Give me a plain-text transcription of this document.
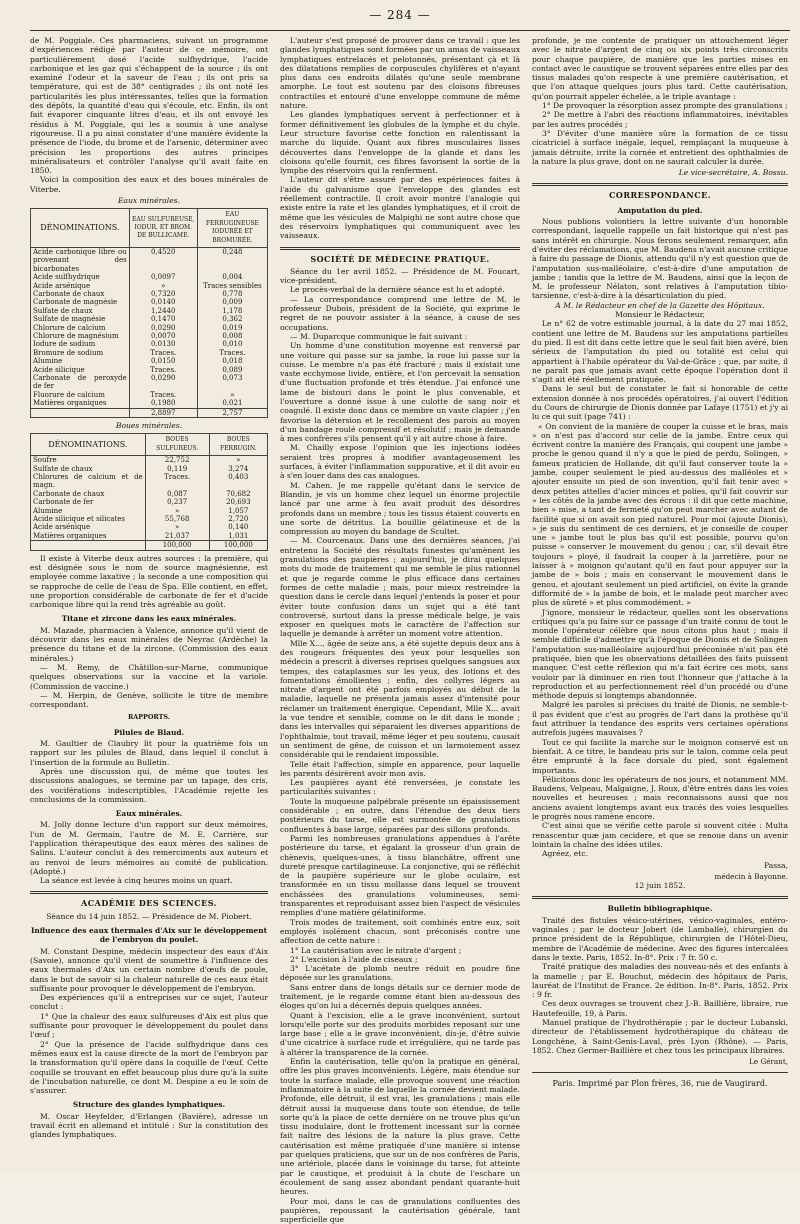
— 284 —

de M. Poggiale. Ces pharmaciens, suivant un programme d'expériences rédigé par l'auteur de ce mémoire, ont particulièrement dosé l'acide sulfhydrique, l'acide carbonique et les gaz qui s'échappent de la source ; ils ont examiné l'odeur et la saveur de l'eau ; ils ont pris sa température, qui est de 38° centigrades ; ils ont noté les particularités les plus intéressantes, telles que la formation des dépôts, la quantité d'eau qui s'écoule, etc. Enfin, ils ont fait évaporer cinquante litres d'eau, et ils ont envoyé les résidus à M. Poggiale, qui les a soumis à une analyse rigoureuse. Il a pu ainsi constater d'une manière évidente la présence de l'iode, du brome et de l'arsenic, déterminer avec précision les proportions des autres principes minéralisateurs et contrôler l'analyse qu'il avait faite en 1850.

Voici la composition des eaux et des boues minérales de Viterbe.

Eaux minérales.
DÉNOMINATIONS.	EAU SULFUREUSE, IODUR. ET BROM. DE BULLICAME.	EAU FERRUGINEUSE IODURÉE ET BROMURÉE.
Acide carbonique libre ou provenant des bicarbonates	0,4520	0,248
Acide sulfhydrique	0,0097	0,004
Acide arsénique	»	Traces sensibles
Carbonate de chaux	0,7320	0,778
Carbonate de magnésie	0,0140	0,009
Sulfate de chaux	1,2440	1,178
Sulfate de magnésie	0,1470	0,362
Chlorure de calcium	0,0290	0,019
Chlorure de magnésium	0,0070	0,008
Iodure de sodium	0,0130	0,010
Bromure de sodium	Traces.	Traces.
Alumine	0,0150	0,018
Acide silicique	Traces.	0,089
Carbonate de peroxyde de fer	0,0290	0,073
Fluorure de calcium	Traces.	»
Matières organiques	0,1980	0,021
	2,8897	2,757
Boues minérales.
DÉNOMINATIONS.	BOUES SULFUREUS.	BOUES FERRUGIN.
Soufre	22,752	»
Sulfate de chaux	0,119	3,274
Chlorures de calcium et de magn.	Traces.	0,403
Carbonate de chaux	0,087	70,682
Carbonate de fer	0,237	20,693
Alumine	»	1,057
Acide silicique et silicates	55,768	2,720
Acide arsénique	»	0,140
Matières organiques	21,037	1,031
	100,000	100,000

Il existe à Viterbe deux autres sources : la première, qui est désignée sous le nom de source magnésienne, est employée comme laxative ; la seconde a une composition qui se rapproche de celle de l'eau de Spa. Elle contient, en effet, une proportion considérable de carbonate de fer et d'acide carbonique libre qui la rend très agréable au goût.

Titane et zircone dans les eaux minérales.

M. Mazade, pharmacien à Valence, annonce qu'il vient de découvrir dans les eaux minérales de Neyrac (Ardèche) la présence du titane et de la zircone. (Commission des eaux minérales.)

— M. Remy, de Châtillon-sur-Marne, communique quelques observations sur la vaccine et la variole. (Commission de vaccine.)

— M. Herpin, de Genève, sollicite le titre de membre correspondant.

RAPPORTS.
Pilules de Blaud.

M. Gaultier de Claubry lit pour la quatrième fois un rapport sur les pilules de Blaud, dans lequel il conclut à l'insertion de la formule au Bulletin.

Après une discussion qui, de même que toutes les discussions analogues, se termine par un tapage, des cris, des vociférations indescriptibles, l'Académie rejette les conclusions de la commission.

Eaux minérales.

M. Jolly donne lecture d'un rapport sur deux mémoires, l'un de M. Germain, l'autre de M. E. Carrière, sur l'application thérapeutique des eaux mères des salines de Salins. L'auteur conclut à des remerciments aux auteurs et au renvoi de leurs mémoires au comité de publication. (Adopté.)

La séance est levée à cinq heures moins un quart.

ACADÉMIE DES SCIENCES.

Séance du 14 juin 1852. — Présidence de M. Piobert.

Influence des eaux thermales d'Aix sur le développement de l'embryon du poulet.

M. Constant Despine, médecin inspecteur des eaux d'Aix (Savoie), annonce qu'il vient de soumettre à l'influence des eaux thermales d'Aix un certain nombre d'œufs de poule, dans le but de savoir si la chaleur naturelle de ces eaux était suffisante pour provoquer le développement de l'embryon.

Des expériences qu'il a entreprises sur ce sujet, l'auteur conclut :

1° Que la chaleur des eaux sulfureuses d'Aix est plus que suffisante pour provoquer le développement du poulet dans l'œuf ;

2° Que la présence de l'acide sulfhydrique dans ces mêmes eaux est la cause directe de la mort de l'embryon par la transformation qu'il opère dans la coquille de l'œuf. Cette coquille se trouvant en effet beaucoup plus dure qu'à la suite de l'incubation naturelle, ce dont M. Despine a eu le soin de s'assurer.

Structure des glandes lymphatiques.

M. Oscar Heyfelder, d'Erlangen (Bavière), adresse un travail écrit en allemand et intitulé : Sur la constitution des glandes lymphatiques.

L'auteur s'est proposé de prouver dans ce travail : que les glandes lymphatiques sont formées par un amas de vaisseaux lymphatiques entrelacés et pelotonnés, présentant çà et là des dilatations remplies de corpuscules chylifères et n'ayant plus dans ces endroits dilatés qu'une seule membrane amorphe. Le tout est soutenu par des cloisons fibreuses contractiles et entouré d'une enveloppe commune de même nature.

Les glandes lymphatiques servent à perfectionner et à former définitivement les globules de la lymphe et du chyle. Leur structure favorise cette fonction en ralentissant la marche du liquide. Quant aux fibres musculaires lisses découvertes dans l'enveloppe de la glande et dans les cloisons qu'elle fournit, ces fibres favorisent la sortie de la lymphe des réservoirs qui la renferment.

L'auteur dit s'être assuré par des expériences faites à l'aide du galvanisme que l'enveloppe des glandes est réellement contractile. Il croit avoir montré l'analogie qui existe entre la rate et les glandes lymphatiques, et il croit de même que les vésicules de Malpighi ne sont autre chose que des réservoirs lymphatiques qui communiquent avec les vaisseaux.

SOCIÉTÉ DE MÉDECINE PRATIQUE.

Séance du 1er avril 1852. — Présidence de M. Foucart, vice-président.

Le procès-verbal de la dernière séance est lu et adopté.

— La correspondance comprend une lettre de M. le professeur Dubois, président de la Société, qui exprime le regret de ne pouvoir assister à la séance, à cause de ses occupations.

— M. Duparcque communique le fait suivant :

Un homme d'une constitution moyenne est renversé par une voiture qui passe sur sa jambe, la roue lui passe sur la cuisse. Le membre n'a pas été fracturé ; mais il existait une vaste ecchymose livide, entière, et l'on percevait la sensation d'une fluctuation profonde et très étendue. J'ai enfoncé une lame de bistouri dans le point le plus convenable, et l'ouverture a donné issue à une culotte de sang noir et coagulé. Il existe donc dans ce membre un vaste clapier ; j'en favorise la détersion et le recollement des parois au moyen d'un bandage roulé compressif et résolutif ; mais je demande à mes confrères s'ils pensent qu'il y ait autre chose à faire.

M. Chailly expose l'opinion que les injections iodées seraient très propres à modifier avantageusement les surfaces, à éviter l'inflammation suppurative, et il dit avoir eu à s'en louer dans des cas analogues.

M. Cahen. Je me rappelle qu'étant dans le service de Blandin, je vis un homme chez lequel un énorme projectile lancé par une arme à feu avait produit des désordres profonds dans un membre ; tous les tissus étaient couverts en une sorte de détritus. La bouillie gélatineuse et de la compression au moyen du bandage de Scultet.

— M. Courcenaux. Dans une des dernières séances, j'ai entretenu la Société des résultats funestes qu'amènent les granulations des paupières ; aujourd'hui, je dirai quelques mots du mode de traitement qui me semble le plus rationnel et que je regarde comme le plus efficace dans certaines formes de cette maladie ; mais, pour mieux restreindre la question dans le cercle dans lequel j'entends la poser et pour éviter toute confusion dans un sujet qui a été tant controversé, surtout dans la presse médicale belge, je vais exposer en quelques mots le caractère de l'affection sur laquelle je demande à arrêter un moment votre attention.

Mlle X..., âgée de seize ans, a été sujette depuis deux ans à des rougeurs fréquentes des yeux pour lesquelles son médecin a prescrit à diverses reprises quelques sangsues aux tempes, des cataplasmes sur les yeux, des lotions et des fomentations émollientes ; enfin, des collyres légers au nitrate d'argent ont été parfois employés au début de la maladie, laquelle ne présenta jamais assez d'intensité pour réclamer un traitement énergique. Cependant, Mlle X... avait la vue tendre et sensible, comme on le dit dans le monde ; dans les intervalles qui séparaient les diverses apparitions de l'ophthalmie, tout travail, même léger et peu soutenu, causait un sentiment de gêne, de cuisson et un larmoiement assez considérable qui le rendaient impossible.

Telle était l'affection, simple en apparence, pour laquelle les parents désirèrent avoir mon avis.

Les paupières ayant été renversées, je constate les particularités suivantes :

Toute la muqueuse palpébrale présente un épaississement considérable ; en outre, dans l'étendue des deux tiers postérieurs du tarse, elle est surmontée de granulations confluentes à base large, séparées par des sillons profonds.

Parmi les nombreuses granulations appendues à l'arête postérieure du tarse, et égalant la grosseur d'un grain de chènevis, quelques-unes, à tissu blanchâtre, offrent une dureté presque cartilagineuse. La conjonctive, qui se réfléchit de la paupière supérieure sur le globe oculaire, est transformée en un tissu mollasse dans lequel se trouvent enchâssées des granulations volumineuses, semi-transparentes et reproduisant assez bien l'aspect de vésicules remplies d'une matière gélatiniforme.

Trois modes de traitement, soit combinés entre eux, soit employés isolément chacun, sont préconisés contre une affection de cette nature :

1° La cautérisation avec le nitrate d'argent ;

2° L'excision à l'aide de ciseaux ;

3° L'acétate de plomb neutre réduit en poudre fine déposée sur les granulations.

Sans entrer dans de longs détails sur ce dernier mode de traitement, je le regarde comme étant bien au-dessous des éloges qu'on lui a décernés depuis quelques années.

Quant à l'excision, elle a le grave inconvénient, surtout lorsqu'elle porte sur des produits morbides reposant sur une large base ; elle a le grave inconvénient, dis-je, d'être suivie d'une cicatrice à surface rude et irrégulière, qui ne tarde pas à altérer la transparence de la cornée.

Enfin la cautérisation, telle qu'on la pratique en général, offre les plus graves inconvénients. Légère, mais étendue sur toute la surface malade, elle provoque souvent une réaction inflammatoire à la suite de laquelle la cornée devient malade. Profonde, elle détruit, il est vrai, les granulations ; mais elle détruit aussi la muqueuse dans toute son étendue, de telle sorte qu'à la place de cette dernière on ne trouve plus qu'un tissu inodulaire, dont le frottement incessant sur la cornée fait naître des lésions de la nature la plus grave. Cette cautérisation est même pratiquée d'une manière si intense par quelques praticiens, que sur un de nos confrères de Paris, une artériole, placée dans le voisinage du tarse, fut atteinte par le caustique, et produisit à la chute de l'eschare un écoulement de sang assez abondant pendant quarante-huit heures.

Pour moi, dans le cas de granulations confluentes des paupières, repoussant la cautérisation générale, tant superficielle que

profonde, je me contente de pratiquer un attouchement léger avec le nitrate d'argent de cinq ou six points très circonscrits pour chaque paupière, de manière que les parties mises en contact avec le caustique se trouvent séparées entre elles par des tissus malades qu'on respecte à une première cautérisation, et que l'on attaque quelques jours plus tard. Cette cautérisation, qu'on pourrait appeler échelée, a le triple avantage :

1° De provoquer la résorption assez prompte des granulations ;

2° De mettre à l'abri des réactions inflammatoires, inévitables par les autres procédés ;

3° D'éviter d'une manière sûre la formation de ce tissu cicatriciel à surface inégale, lequel, remplaçant la muqueuse à jamais détruite, irrite la cornée et entretient des ophthalmies de la nature la plus grave, dont on ne saurait calculer la durée.

Le vice-secrétaire, A. Bossu.
CORRESPONDANCE.
Amputation du pied.

Nous publions volontiers la lettre suivante d'un honorable correspondant, laquelle rappelle un fait historique qui n'est pas sans intérêt en chirurgie. Nous ferons seulement remarquer, afin d'éviter des réclamations, que M. Baudens n'avait aucune critique à faire du passage de Dionis, attendu qu'il n'y est question que de l'amputation sus-malléolaire, c'est-à-dire d'une amputation de jambe ; tandis que la lettre de M. Baudens, ainsi que la leçon de M. le professeur Nélaton, sont relatives à l'amputation tibio-tarsienne, c'est-à-dire à la désarticulation du pied.

A M. le Rédacteur en chef de la Gazette des Hôpitaux.

Monsieur le Rédacteur,

Le n° 62 de votre estimable journal, à la date du 27 mai 1852, contient une lettre de M. Baudens sur les amputations partielles du pied. Il est dit dans cette lettre que le seul fait bien avéré, bien sérieux de l'amputation du pied ou totalité est celui qui appartient à l'habile opérateur du Val-de-Grâce ; que, par suite, il ne paraît pas que jamais avant cette époque l'opération dont il s'agit ait été réellement pratiquée.

Dans le seul but de constater le fait si honorable de cette extension donnée à nos procédés opératoires, j'ai ouvert l'édition du Cours de chirurgie de Dionis donnée par Lafaye (1751) et j'y ai lu ce qui suit (page 741) :

« On convient de la manière de couper la cuisse et le bras, mais » on n'est pas d'accord sur celle de la jambe. Entre ceux qui écrivent contre la manière des Français, qui coupent une jambe » proche le genou quand il n'y a que le pied de perdu, Solingen, » fameux praticien de Hollande, dit qu'il faut conserver toute la » jambe, couper seulement le pied au-dessus des malléoles et » ajouter ensuite un pied de son invention, qu'il fait tenir avec » deux petites attelles d'acier minces et polies, qu'il fait couvrir sur » les côtés de la jambe avec des écrous : il dit que cette machine, bien » mise, a tant de fermeté qu'on peut marcher avec autant de facilité que si on avait son pied naturel. Pour moi (ajoute Dionis), » je suis du sentiment de ces derniers, et je conseille de couper une » jambe tout le plus bas qu'il est possible, pourvu qu'on puisse » conserver le mouvement du genou ; car, s'il devait être toujours » ployé, il faudrait la couper à la jarretière, pour ne laisser à » moignon qu'autant qu'il en faut pour appuyer sur la jambe de » bois ; mais en conservant le mouvement dans le genou, et ajoutant seulement un pied artificiel, on évite la grande difformité de » la jambe de bois, et le malade peut marcher avec plus de sûreté » et plus commodément. »

J'ignore, monsieur le rédacteur, quelles sont les observations critiques qu'a pu faire sur ce passage d'un traité connu de tout le monde l'opérateur célèbre que nous citons plus haut ; mais il semble difficile d'admettre qu'à l'époque de Dionis et de Solingen l'amputation sus-malléolaire aujourd'hui préconisée n'ait pas été pratiquée, bien que les observations détaillées des faits puissent manquer. C'est cette réflexion qui m'a fait écrire ces mots, sans vouloir par là diminuer en rien tout l'honneur que j'attache à la reproduction et au perfectionnement réel d'un procédé ou d'une méthode depuis si longtemps abandonnée.

Malgré les paroles si précises du traité de Dionis, ne semble-t-il pas évident que c'est au progrès de l'art dans la prothèse qu'il faut attribuer la tendance des esprits vers certaines opérations autrefois jugées mauvaises ?

Tout ce qui facilite la marche sur le moignon conservé est un bienfait. A ce titre, le bandeau pris sur le talon, comme cela peut être emprunté à la face dorsale du pied, sont également importants.

Félicitons donc les opérateurs de nos jours, et notamment MM. Baudens, Velpeau, Malgaigne, J. Roux, d'être entrés dans les voies nouvelles et heureuses ; mais reconnaissons aussi que nos anciens avaient longtemps avant eux tracés des voies lesquelles le progrès nous ramène encore.

C'est ainsi que se vérifie cette parole si souvent citée : Multa renascentur quæ jam cecidere, et que se renoue dans un avenir lointain la chaîne des idées utiles.

Agréez, etc.

Passa,
médecin à Bayonne.

12 juin 1852.

Bulletin bibliographique.

Traité des fistules vésico-utérines, vésico-vaginales, entéro-vaginales ; par le docteur Jobert (de Lamballe), chirurgien du prince président de la République, chirurgien de l'Hôtel-Dieu, membre de l'Académie de médecine. Avec des figures intercalées dans le texte. Paris, 1852. In-8°. Prix : 7 fr. 50 c.

Traité pratique des maladies des nouveau-nés et des enfants à la mamelle ; par E. Bouchut, médecin des hôpitaux de Paris, lauréat de l'Institut de France. 2e édition. In-8°. Paris, 1852. Prix : 9 fr.

Ces deux ouvrages se trouvent chez J.-B. Baillière, libraire, rue Hautefeuille, 19, à Paris.

Manuel pratique de l'hydrothérapie ; par le docteur Lubanski, directeur de l'établissement hydrothérapique du château de Longchêne, à Saint-Genis-Laval, près Lyon (Rhône). — Paris, 1852. Chez Germer-Baillière et chez tous les principaux libraires.

Le Gérant,
Paris. Imprimé par Plon frères, 36, rue de Vaugirard.
